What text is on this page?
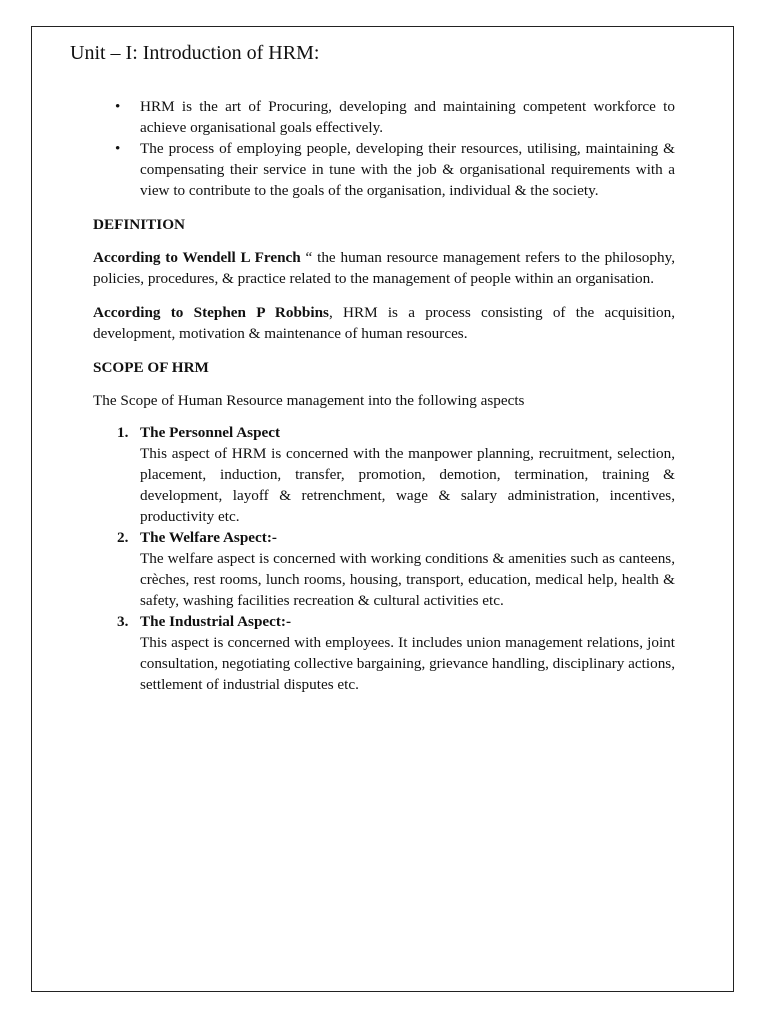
Unit – I: Introduction of HRM:
• HRM is the art of Procuring, developing and maintaining competent workforce to achieve organisational goals effectively.
• The process of employing people, developing their resources, utilising, maintaining & compensating their service in tune with the job & organisational requirements with a view to contribute to the goals of the organisation, individual & the society.

DEFINITION

According to Wendell L French “ the human resource management refers to the philosophy, policies, procedures, & practice related to the management of people within an organisation.

According to Stephen P Robbins, HRM is a process consisting of the acquisition, development, motivation & maintenance of human resources.

SCOPE OF HRM

The Scope of Human Resource management into the following aspects

1. The Personnel Aspect
This aspect of HRM is concerned with the manpower planning, recruitment, selection, placement, induction, transfer, promotion, demotion, termination, training & development, layoff & retrenchment, wage & salary administration, incentives, productivity etc.
2. The Welfare Aspect:-
The welfare aspect is concerned with working conditions & amenities such as canteens, crèches, rest rooms, lunch rooms, housing, transport, education, medical help, health & safety, washing facilities recreation & cultural activities etc.
3. The Industrial Aspect:-
This aspect is concerned with employees. It includes union management relations, joint consultation, negotiating collective bargaining, grievance handling, disciplinary actions, settlement of industrial disputes etc.
